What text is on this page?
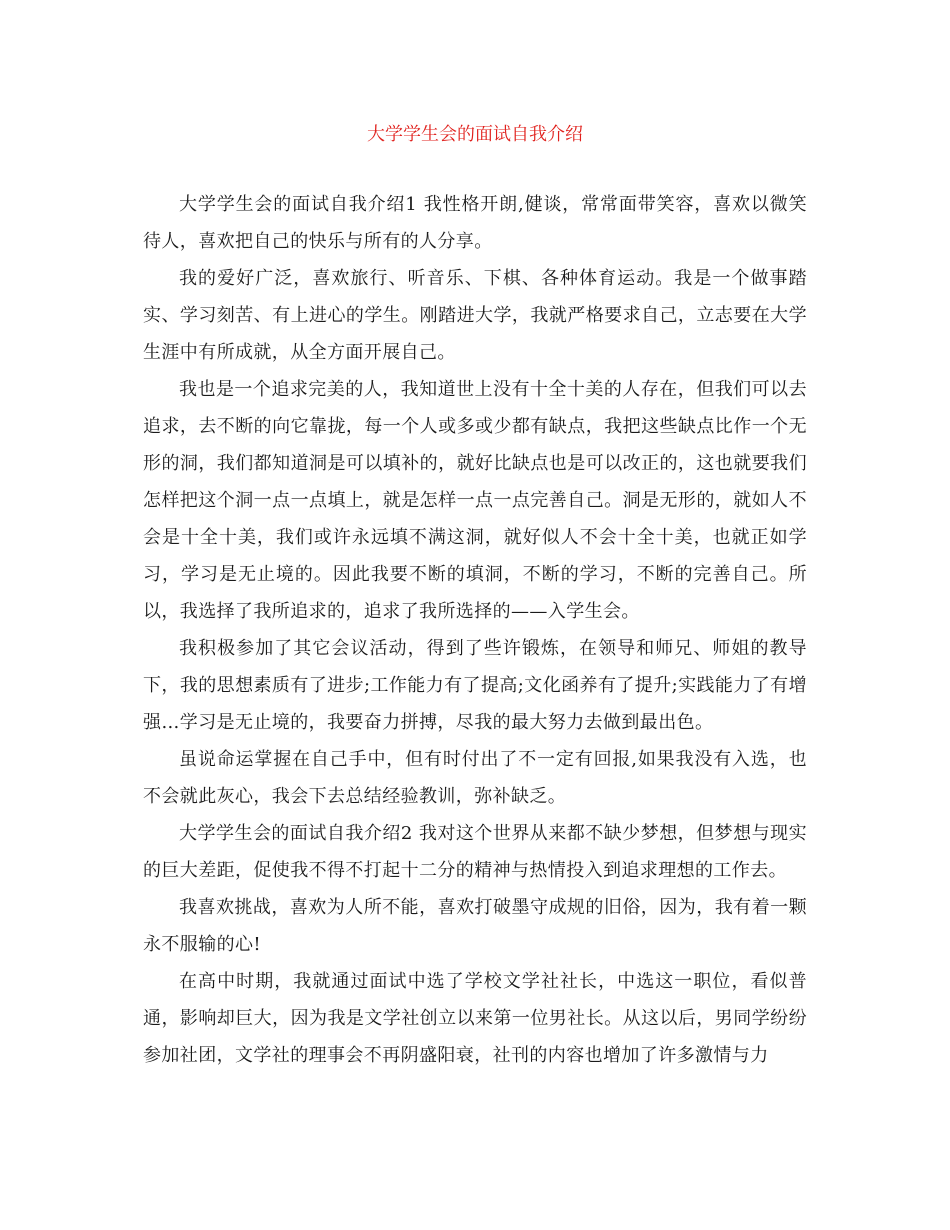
大学学生会的面试自我介绍

大学学生会的面试自我介绍1 我性格开朗,健谈，常常面带笑容，喜欢以微笑待人，喜欢把自己的快乐与所有的人分享。

我的爱好广泛，喜欢旅行、听音乐、下棋、各种体育运动。我是一个做事踏实、学习刻苦、有上进心的学生。刚踏进大学，我就严格要求自己，立志要在大学生涯中有所成就，从全方面开展自己。

我也是一个追求完美的人，我知道世上没有十全十美的人存在，但我们可以去追求，去不断的向它靠拢，每一个人或多或少都有缺点，我把这些缺点比作一个无形的洞，我们都知道洞是可以填补的，就好比缺点也是可以改正的，这也就要我们怎样把这个洞一点一点填上，就是怎样一点一点完善自己。洞是无形的，就如人不会是十全十美，我们或许永远填不满这洞，就好似人不会十全十美，也就正如学习，学习是无止境的。因此我要不断的填洞，不断的学习，不断的完善自己。所以，我选择了我所追求的，追求了我所选择的——入学生会。

我积极参加了其它会议活动，得到了些许锻炼，在领导和师兄、师姐的教导下，我的思想素质有了进步;工作能力有了提高;文化函养有了提升;实践能力了有增强…学习是无止境的，我要奋力拼搏，尽我的最大努力去做到最出色。

虽说命运掌握在自己手中，但有时付出了不一定有回报,如果我没有入选，也不会就此灰心，我会下去总结经验教训，弥补缺乏。

大学学生会的面试自我介绍2 我对这个世界从来都不缺少梦想，但梦想与现实的巨大差距，促使我不得不打起十二分的精神与热情投入到追求理想的工作去。

我喜欢挑战，喜欢为人所不能，喜欢打破墨守成规的旧俗，因为，我有着一颗永不服输的心!

在高中时期，我就通过面试中选了学校文学社社长，中选这一职位，看似普通，影响却巨大，因为我是文学社创立以来第一位男社长。从这以后，男同学纷纷参加社团，文学社的理事会不再阴盛阳衰，社刊的内容也增加了许多激情与力
